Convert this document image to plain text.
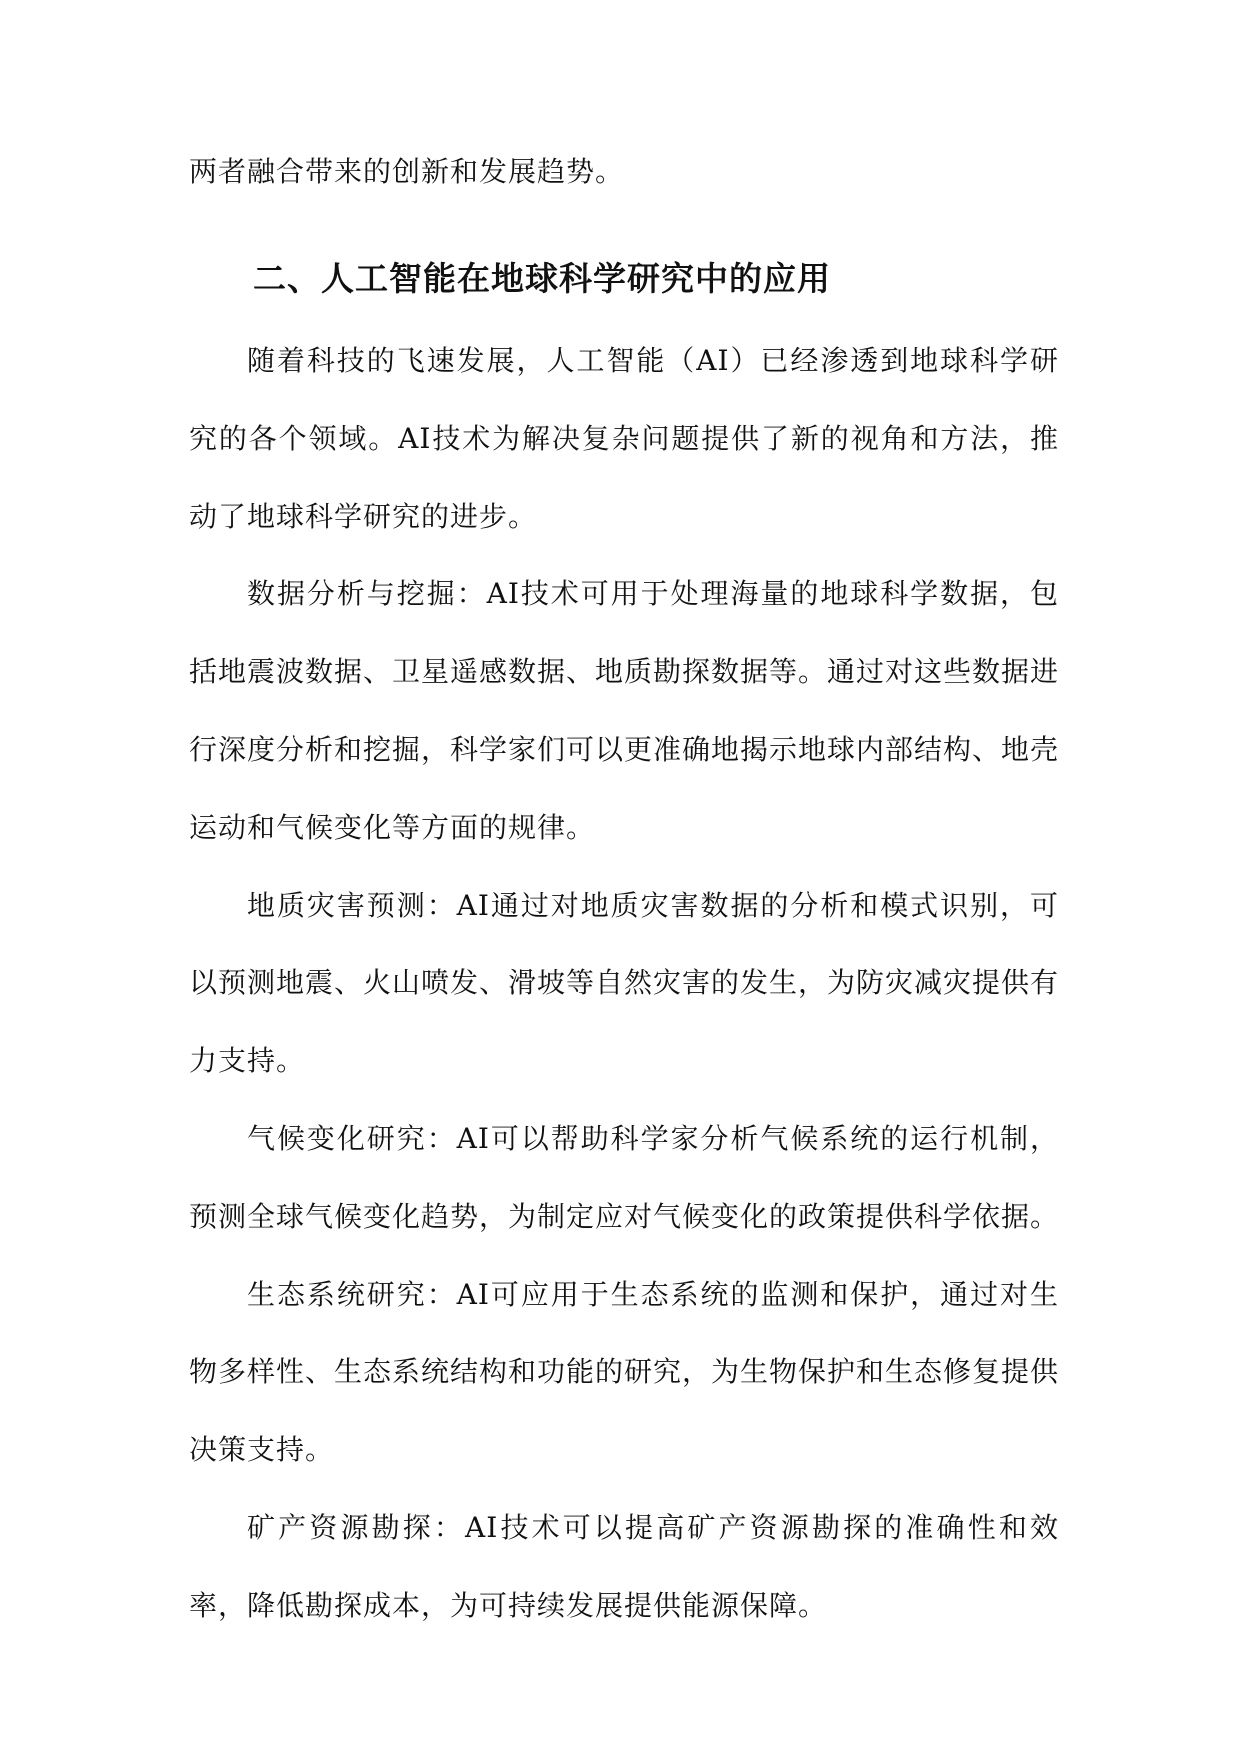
两者融合带来的创新和发展趋势。
二、人工智能在地球科学研究中的应用

随着科技的飞速发展，人工智能（AI）已经渗透到地球科学研究的各个领域。AI技术为解决复杂问题提供了新的视角和方法，推动了地球科学研究的进步。

数据分析与挖掘：AI技术可用于处理海量的地球科学数据，包括地震波数据、卫星遥感数据、地质勘探数据等。通过对这些数据进行深度分析和挖掘，科学家们可以更准确地揭示地球内部结构、地壳运动和气候变化等方面的规律。

地质灾害预测：AI通过对地质灾害数据的分析和模式识别，可以预测地震、火山喷发、滑坡等自然灾害的发生，为防灾减灾提供有力支持。

气候变化研究：AI可以帮助科学家分析气候系统的运行机制，预测全球气候变化趋势，为制定应对气候变化的政策提供科学依据。

生态系统研究：AI可应用于生态系统的监测和保护，通过对生物多样性、生态系统结构和功能的研究，为生物保护和生态修复提供决策支持。

矿产资源勘探：AI技术可以提高矿产资源勘探的准确性和效率，降低勘探成本，为可持续发展提供能源保障。
